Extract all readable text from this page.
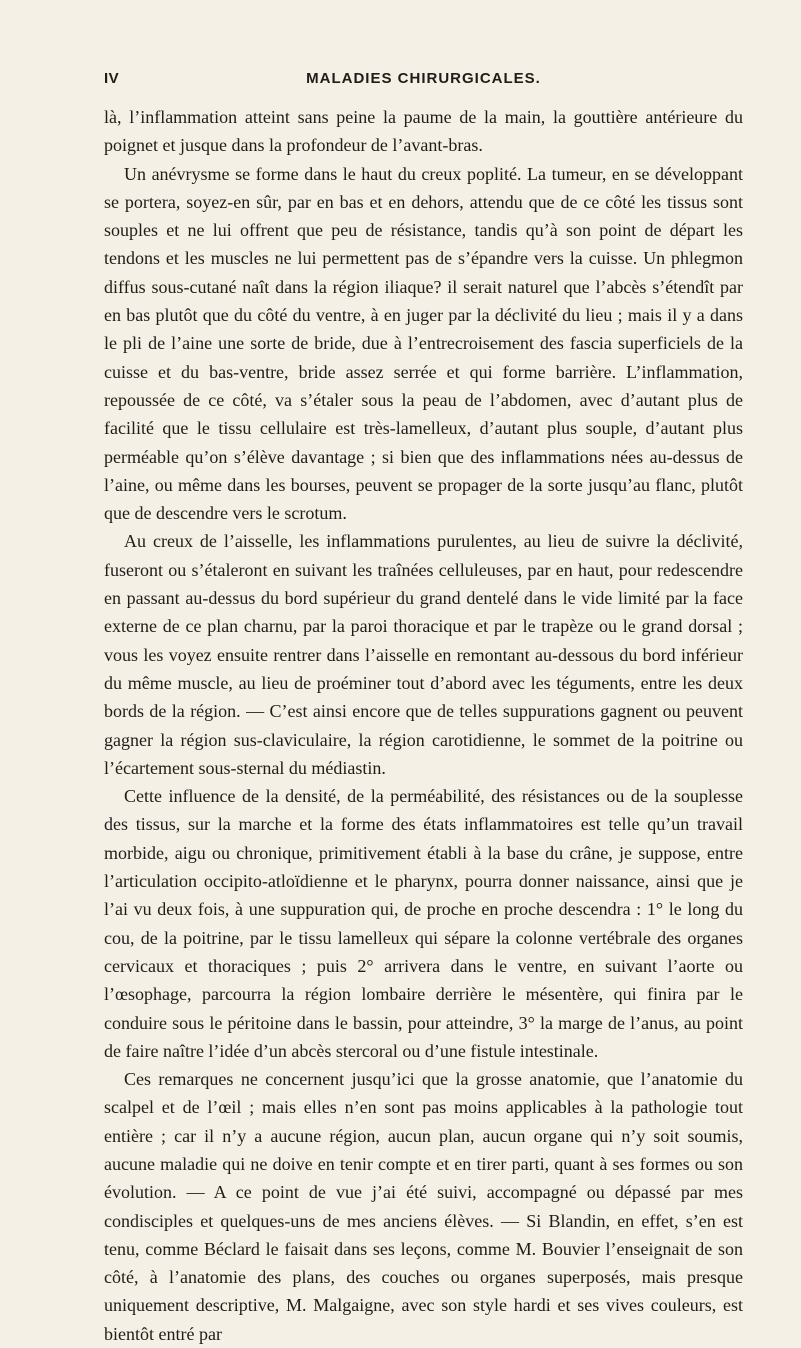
IV	MALADIES CHIRURGICALES.

là, l’inflammation atteint sans peine la paume de la main, la gouttière antérieure du poignet et jusque dans la profondeur de l’avant-bras.

Un anévrysme se forme dans le haut du creux poplité. La tumeur, en se développant se portera, soyez-en sûr, par en bas et en dehors, attendu que de ce côté les tissus sont souples et ne lui offrent que peu de résistance, tandis qu’à son point de départ les tendons et les muscles ne lui permettent pas de s’épandre vers la cuisse. Un phlegmon diffus sous-cutané naît dans la région iliaque? il serait naturel que l’abcès s’étendît par en bas plutôt que du côté du ventre, à en juger par la déclivité du lieu ; mais il y a dans le pli de l’aine une sorte de bride, due à l’entrecroisement des fascia superficiels de la cuisse et du bas-ventre, bride assez serrée et qui forme barrière. L’inflammation, repoussée de ce côté, va s’étaler sous la peau de l’abdomen, avec d’autant plus de facilité que le tissu cellulaire est très-lamelleux, d’autant plus souple, d’autant plus perméable qu’on s’élève davantage ; si bien que des inflammations nées au-dessus de l’aine, ou même dans les bourses, peuvent se propager de la sorte jusqu’au flanc, plutôt que de descendre vers le scrotum.

Au creux de l’aisselle, les inflammations purulentes, au lieu de suivre la déclivité, fuseront ou s’étaleront en suivant les traînées celluleuses, par en haut, pour redescendre en passant au-dessus du bord supérieur du grand dentelé dans le vide limité par la face externe de ce plan charnu, par la paroi thoracique et par le trapèze ou le grand dorsal ; vous les voyez ensuite rentrer dans l’aisselle en remontant au-dessous du bord inférieur du même muscle, au lieu de proéminer tout d’abord avec les téguments, entre les deux bords de la région. — C’est ainsi encore que de telles suppurations gagnent ou peuvent gagner la région sus-claviculaire, la région carotidienne, le sommet de la poitrine ou l’écartement sous-sternal du médiastin.

Cette influence de la densité, de la perméabilité, des résistances ou de la souplesse des tissus, sur la marche et la forme des états inflammatoires est telle qu’un travail morbide, aigu ou chronique, primitivement établi à la base du crâne, je suppose, entre l’articulation occipito-atloïdienne et le pharynx, pourra donner naissance, ainsi que je l’ai vu deux fois, à une suppuration qui, de proche en proche descendra : 1° le long du cou, de la poitrine, par le tissu lamelleux qui sépare la colonne vertébrale des organes cervicaux et thoraciques ; puis 2° arrivera dans le ventre, en suivant l’aorte ou l’œsophage, parcourra la région lombaire derrière le mésentère, qui finira par le conduire sous le péritoine dans le bassin, pour atteindre, 3° la marge de l’anus, au point de faire naître l’idée d’un abcès stercoral ou d’une fistule intestinale.

Ces remarques ne concernent jusqu’ici que la grosse anatomie, que l’anatomie du scalpel et de l’œil ; mais elles n’en sont pas moins applicables à la pathologie tout entière ; car il n’y a aucune région, aucun plan, aucun organe qui n’y soit soumis, aucune maladie qui ne doive en tenir compte et en tirer parti, quant à ses formes ou son évolution. — A ce point de vue j’ai été suivi, accompagné ou dépassé par mes condisciples et quelques-uns de mes anciens élèves. — Si Blandin, en effet, s’en est tenu, comme Béclard le faisait dans ses leçons, comme M. Bouvier l’enseignait de son côté, à l’anatomie des plans, des couches ou organes superposés, mais presque uniquement descriptive, M. Malgaigne, avec son style hardi et ses vives couleurs, est bientôt entré par
